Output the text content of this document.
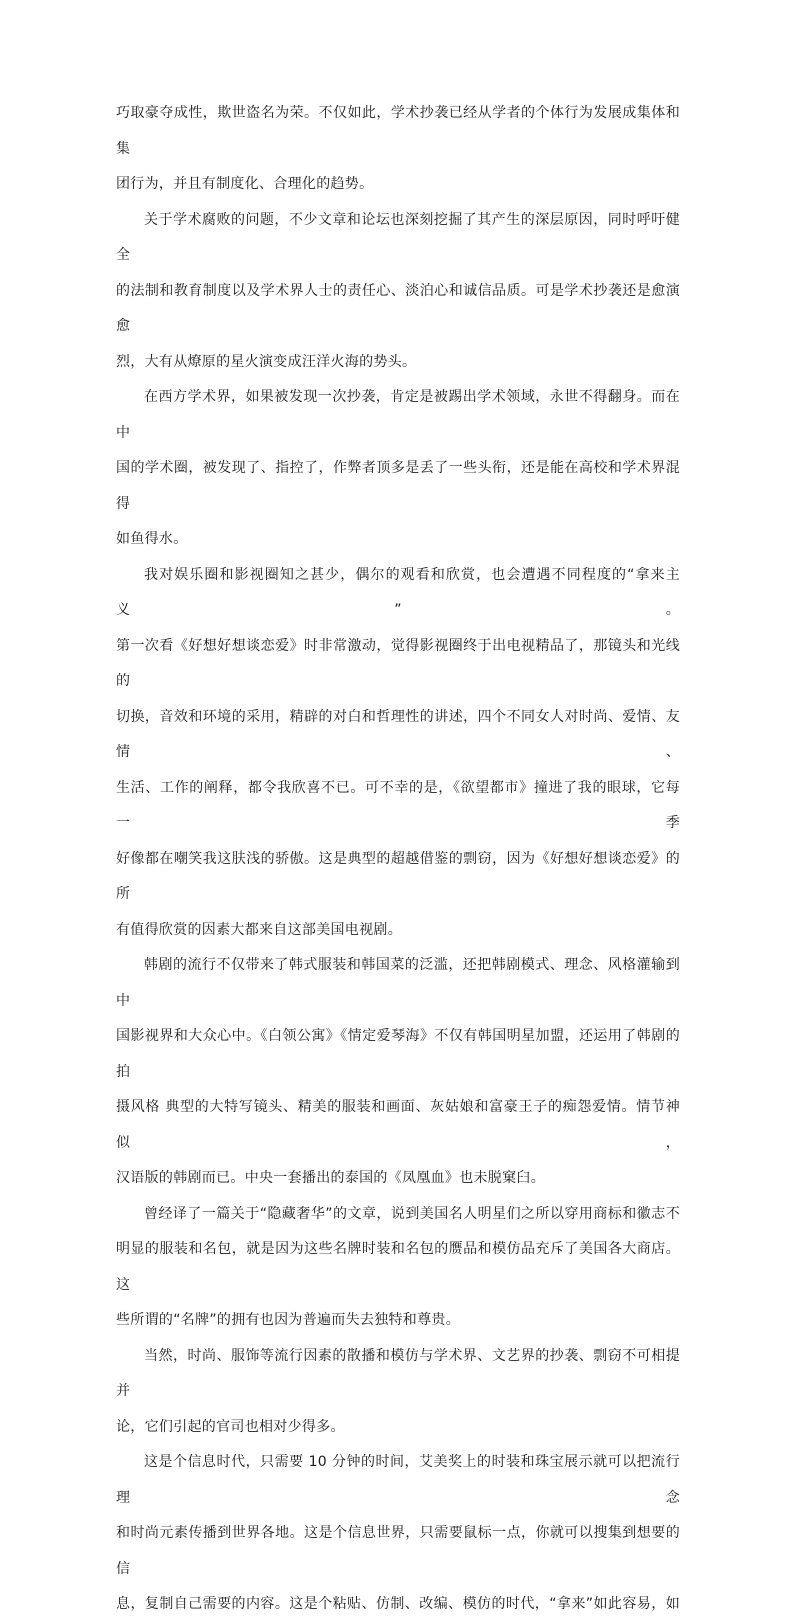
巧取豪夺成性，欺世盗名为荣。不仅如此，学术抄袭已经从学者的个体行为发展成集体和集
团行为，并且有制度化、合理化的趋势。
关于学术腐败的问题，不少文章和论坛也深刻挖掘了其产生的深层原因，同时呼吁健全
的法制和教育制度以及学术界人士的责任心、淡泊心和诚信品质。可是学术抄袭还是愈演愈
烈，大有从燎原的星火演变成汪洋火海的势头。
在西方学术界，如果被发现一次抄袭，肯定是被踢出学术领域，永世不得翻身。而在中
国的学术圈，被发现了、指控了，作弊者顶多是丢了一些头衔，还是能在高校和学术界混得
如鱼得水。
我对娱乐圈和影视圈知之甚少，偶尔的观看和欣赏，也会遭遇不同程度的“拿来主义”。
第一次看《好想好想谈恋爱》时非常激动，觉得影视圈终于出电视精品了，那镜头和光线的
切换，音效和环境的采用，精辟的对白和哲理性的讲述，四个不同女人对时尚、爱情、友情、
生活、工作的阐释，都令我欣喜不已。可不幸的是，《欲望都市》撞进了我的眼球，它每一季
好像都在嘲笑我这肤浅的骄傲。这是典型的超越借鉴的剽窃，因为《好想好想谈恋爱》的所
有值得欣赏的因素大都来自这部美国电视剧。
韩剧的流行不仅带来了韩式服装和韩国菜的泛滥，还把韩剧模式、理念、风格灌输到中
国影视界和大众心中。《白领公寓》《情定爱琴海》不仅有韩国明星加盟，还运用了韩剧的拍
摄风格 典型的大特写镜头、精美的服装和画面、灰姑娘和富豪王子的痴怨爱情。情节神似，
汉语版的韩剧而已。中央一套播出的泰国的《凤凰血》也未脱窠臼。
曾经译了一篇关于“隐藏奢华”的文章，说到美国名人明星们之所以穿用商标和徽志不
明显的服装和名包，就是因为这些名牌时装和名包的赝品和模仿品充斥了美国各大商店。这
些所谓的“名牌”的拥有也因为普遍而失去独特和尊贵。
当然，时尚、服饰等流行因素的散播和模仿与学术界、文艺界的抄袭、剽窃不可相提并
论，它们引起的官司也相对少得多。
这是个信息时代，只需要 10 分钟的时间，艾美奖上的时装和珠宝展示就可以把流行理念
和时尚元素传播到世界各地。这是个信息世界，只需要鼠标一点，你就可以搜集到想要的信
息，复制自己需要的内容。这是个粘贴、仿制、改编、模仿的时代，“拿来”如此容易，如
